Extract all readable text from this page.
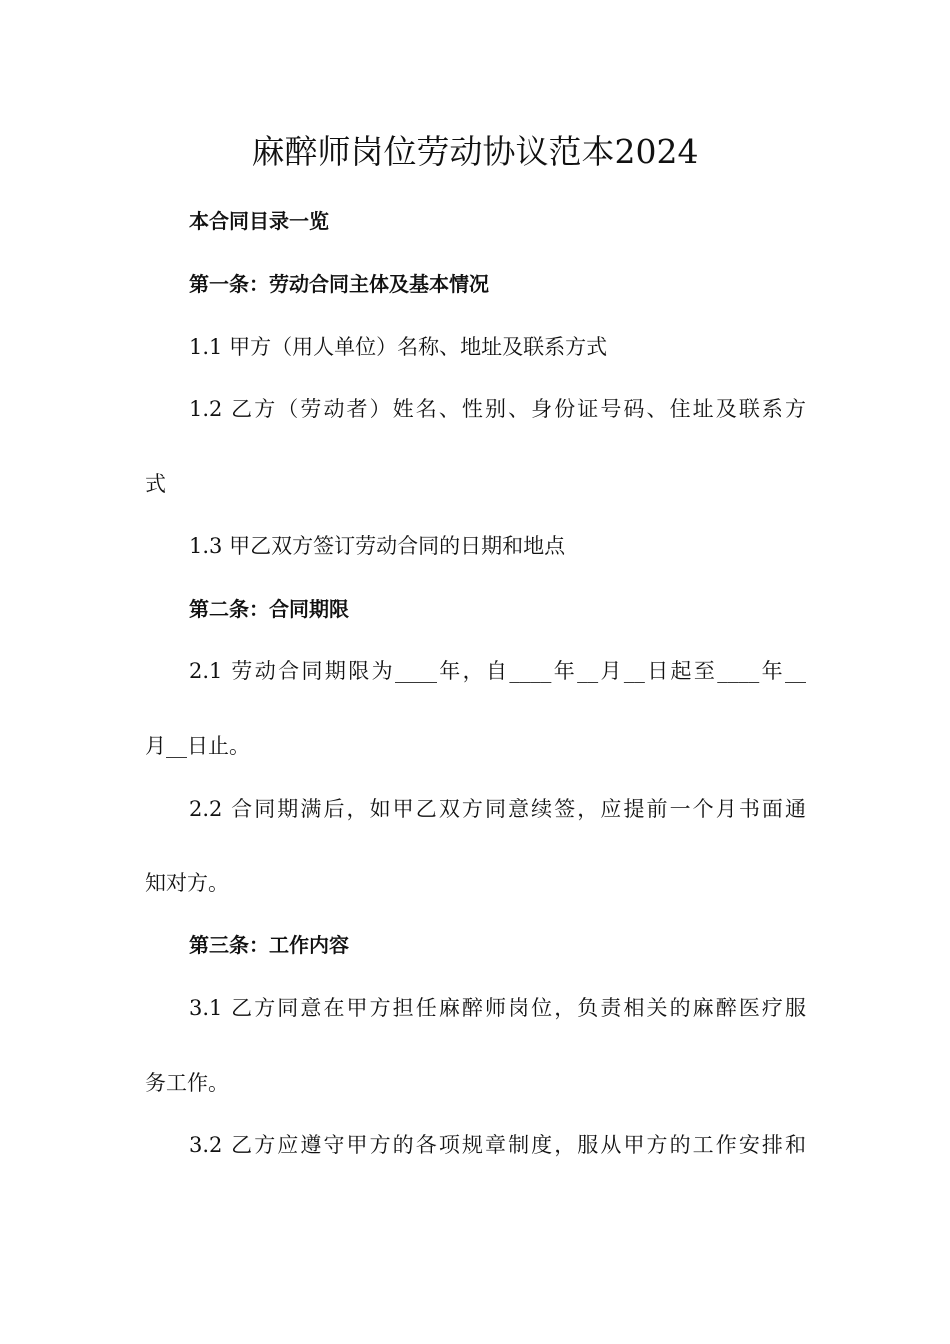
麻醉师岗位劳动协议范本2024

本合同目录一览

第一条：劳动合同主体及基本情况

1.1 甲方（用人单位）名称、地址及联系方式

1.2 乙方（劳动者）姓名、性别、身份证号码、住址及联系方

式

1.3 甲乙双方签订劳动合同的日期和地点

第二条：合同期限

2.1 劳动合同期限为____年，自____年__月__日起至____年__

月__日止。

2.2 合同期满后，如甲乙双方同意续签，应提前一个月书面通

知对方。

第三条：工作内容

3.1 乙方同意在甲方担任麻醉师岗位，负责相关的麻醉医疗服

务工作。

3.2 乙方应遵守甲方的各项规章制度，服从甲方的工作安排和
